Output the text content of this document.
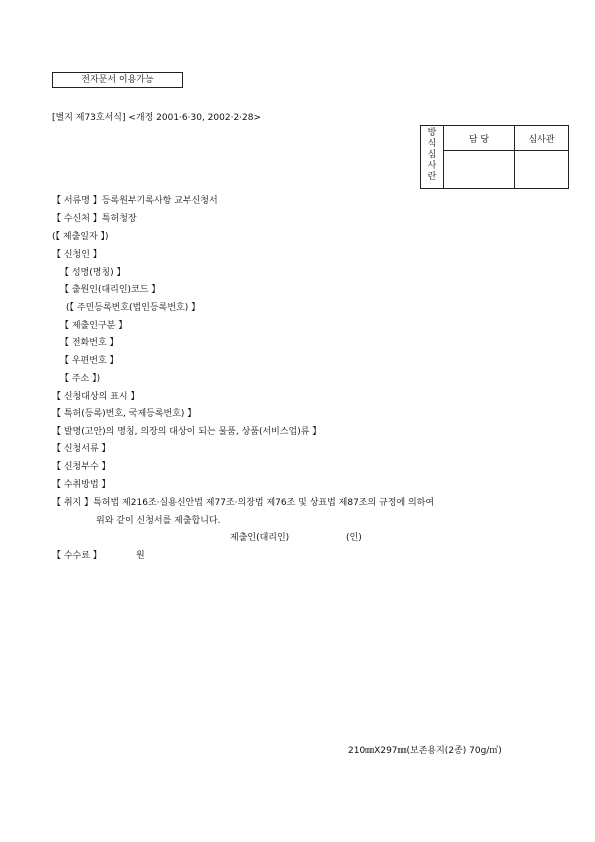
전자문서 이용가능
[별지 제73호서식] <개정 2001·6·30, 2002·2·28>
방식심사란	담 당	심사관

【 서류명 】등록원부기록사항 교부신청서
【 수신처 】특허청장
(【 제출일자 】)
【 신청인 】
【 성명(명칭) 】
【 출원인(대리인)코드 】
(【 주민등록번호(법인등록번호) 】
【 제출인구분 】
【 전화번호 】
【 우편번호 】
【 주소 】)
【 신청대상의 표시 】
【 특허(등록)번호, 국제등록번호) 】
【 발명(고안)의 명칭, 의장의 대상이 되는 물품, 상품(서비스업)류 】
【 신청서류 】
【 신청부수 】
【 수취방법 】
【 취지 】특허법 제216조·실용신안법 제77조·의장법 제76조 및 상표법 제87조의 규정에 의하여
위와 같이 신청서를 제출합니다.
제출인(대리인)	(인)
【 수수료 】	원
210㎜X297㎜(보존용지(2종) 70g/㎡)
